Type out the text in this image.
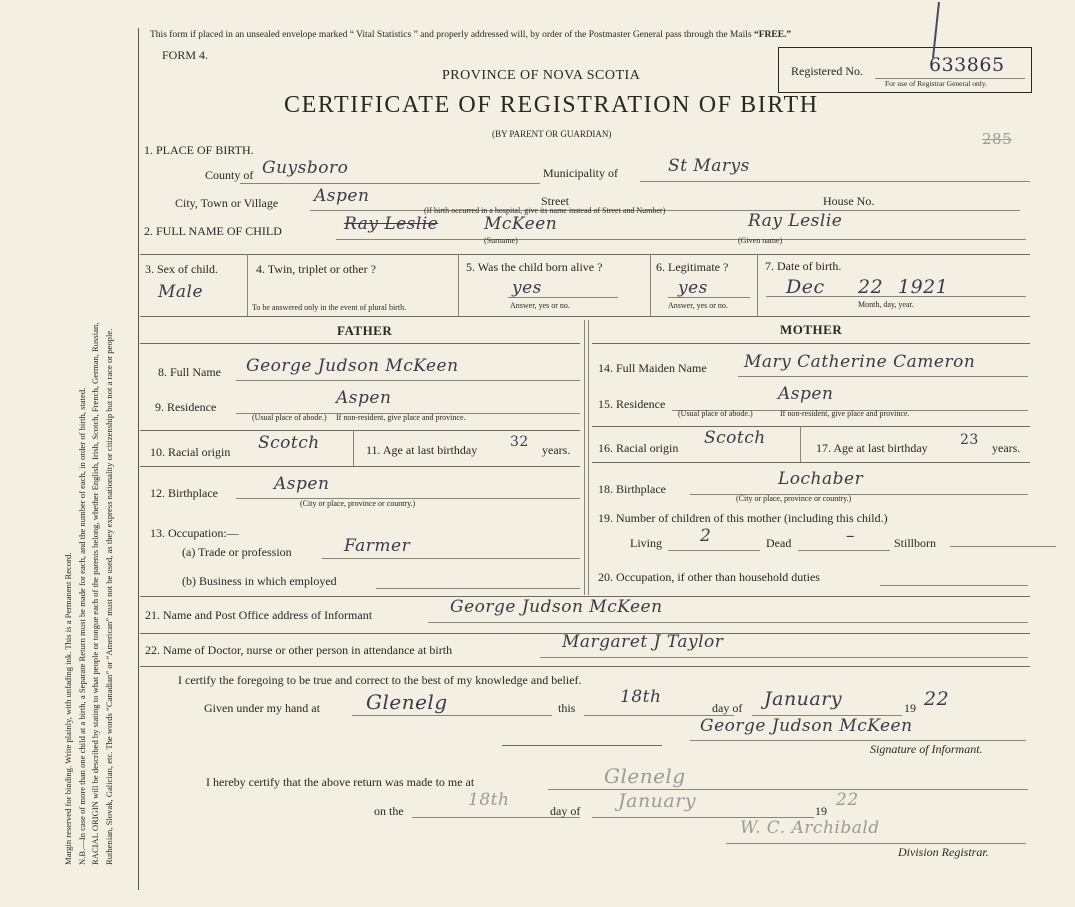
Margin reserved for binding. Write plainly, with unfading ink. This is a Permanent Record. N.B.—In case of more than one child at a birth, a Separate Return must be made for each, and the number of each, in order of birth, stated. RACIAL ORIGIN will be described by stating to what people or tongue each of the parents belong, whether English, Irish, Scotch, French, German, Russian, Ruthenian, Slovak, Galician, etc. The words “Canadian” or “American” must not be used, as they express nationality or citizenship but not a race or people.
This form if placed in an unsealed envelope marked “ Vital Statistics ” and properly addressed will, by order of the Postmaster General pass through the Mails “FREE.”
FORM 4.
PROVINCE OF NOVA SCOTIA
CERTIFICATE OF REGISTRATION OF BIRTH
(BY PARENT OR GUARDIAN)
Registered No.	633865
For use of Registrar General only.
285
1. PLACE OF BIRTH.
County of Guysboro	Municipality of	St Marys
City, Town or Village Aspen	Street	House No.
(If birth occurred in a hospital, give its name instead of Street and Number)
2. FULL NAME OF CHILD	Ray Leslie	McKeen
(Surname)
Ray Leslie
(Given name)
3. Sex of child.
Male
4. Twin, triplet or other ?
To be answered only in the event of plural birth.
5. Was the child born alive ?
yes
Answer, yes or no.
6. Legitimate ?
yes
Answer, yes or no.
7. Date of birth.
Dec 22 1921
Month, day, year.
FATHER	MOTHER
8. Full Name George Judson McKeen
9. Residence	Aspen
(Usual place of abode.) If non-resident, give place and province.
10. Racial origin Scotch	11. Age at last birthday 32 years.
12. Birthplace	Aspen
(City or place, province or country.)
13. Occupation:—
(a) Trade or profession	Farmer
(b) Business in which employed
14. Full Maiden Name Mary Catherine Cameron
15. Residence	Aspen
(Usual place of abode.)	If non-resident, give place and province.
16. Racial origin Scotch	17. Age at last birthday 23 years.
18. Birthplace	Lochaber
(City or place, province or country.)
19. Number of children of this mother (including this child.)
Living 2	Dead	–	Stillborn
20. Occupation, if other than household duties
21. Name and Post Office address of Informant	George Judson McKeen
22. Name of Doctor, nurse or other person in attendance at birth	Margaret J Taylor
I certify the foregoing to be true and correct to the best of my knowledge and belief.
Given under my hand at Glenelg	this
18th
day of January	19 22
George Judson McKeen
Signature of Informant.
I hereby certify that the above return was made to me at	Glenelg
on the
18th
day of January	19
22
W. C. Archibald
Division Registrar.
